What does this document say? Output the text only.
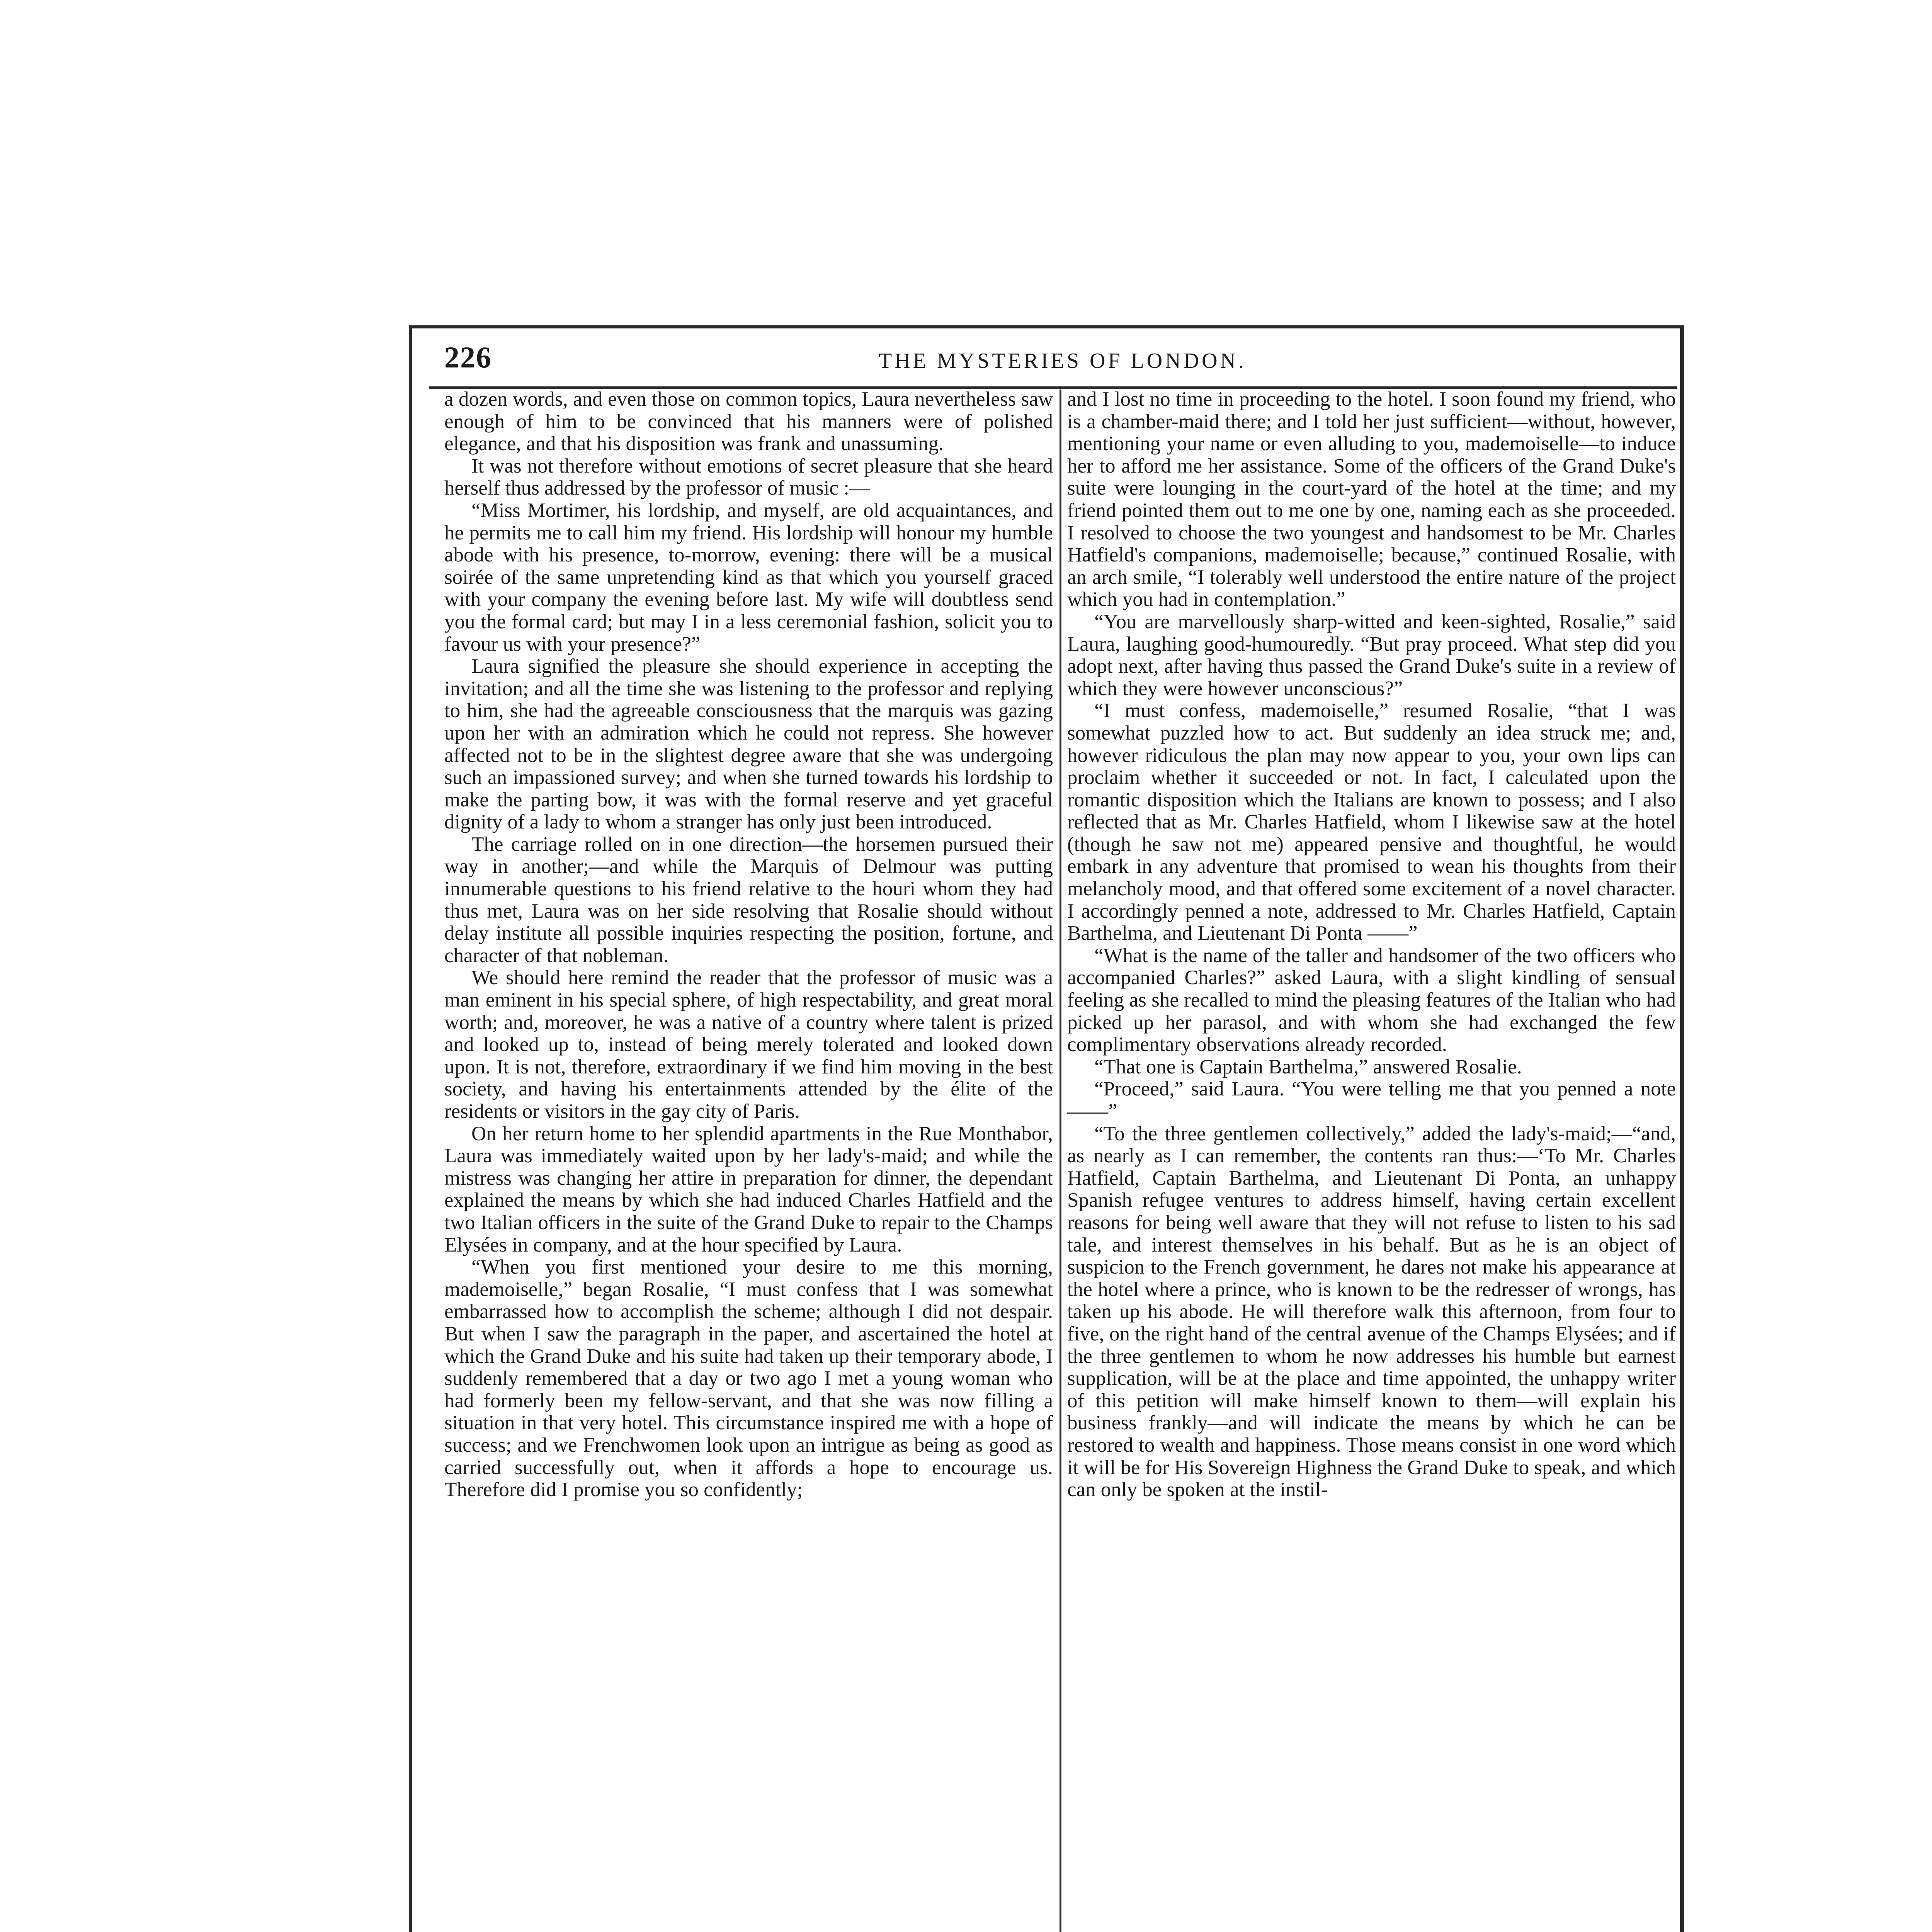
226	THE MYSTERIES OF LONDON.

a dozen words, and even those on common topics, Laura nevertheless saw enough of him to be convinced that his manners were of polished elegance, and that his disposition was frank and unassuming.

It was not therefore without emotions of secret pleasure that she heard herself thus addressed by the professor of music :—

“Miss Mortimer, his lordship, and myself, are old acquaintances, and he permits me to call him my friend. His lordship will honour my humble abode with his presence, to-morrow, evening: there will be a musical soirée of the same unpretending kind as that which you yourself graced with your company the evening before last. My wife will doubtless send you the formal card; but may I in a less ceremonial fashion, solicit you to favour us with your presence?”

Laura signified the pleasure she should experience in accepting the invitation; and all the time she was listening to the professor and replying to him, she had the agreeable consciousness that the marquis was gazing upon her with an admiration which he could not repress. She however affected not to be in the slightest degree aware that she was undergoing such an impassioned survey; and when she turned towards his lordship to make the parting bow, it was with the formal reserve and yet graceful dignity of a lady to whom a stranger has only just been introduced.

The carriage rolled on in one direction—the horsemen pursued their way in another;—and while the Marquis of Delmour was putting innumerable questions to his friend relative to the houri whom they had thus met, Laura was on her side resolving that Rosalie should without delay institute all possible inquiries respecting the position, fortune, and character of that nobleman.

We should here remind the reader that the professor of music was a man eminent in his special sphere, of high respectability, and great moral worth; and, moreover, he was a native of a country where talent is prized and looked up to, instead of being merely tolerated and looked down upon. It is not, therefore, extraordinary if we find him moving in the best society, and having his entertainments attended by the élite of the residents or visitors in the gay city of Paris.

On her return home to her splendid apartments in the Rue Monthabor, Laura was immediately waited upon by her lady's-maid; and while the mistress was changing her attire in preparation for dinner, the dependant explained the means by which she had induced Charles Hatfield and the two Italian officers in the suite of the Grand Duke to repair to the Champs Elysées in company, and at the hour specified by Laura.

“When you first mentioned your desire to me this morning, mademoiselle,” began Rosalie, “I must confess that I was somewhat embarrassed how to accomplish the scheme; although I did not despair. But when I saw the paragraph in the paper, and ascertained the hotel at which the Grand Duke and his suite had taken up their temporary abode, I suddenly remembered that a day or two ago I met a young woman who had formerly been my fellow-servant, and that she was now filling a situation in that very hotel. This circumstance inspired me with a hope of success; and we Frenchwomen look upon an intrigue as being as good as carried successfully out, when it affords a hope to encourage us. Therefore did I promise you so confidently;

and I lost no time in proceeding to the hotel. I soon found my friend, who is a chamber-maid there; and I told her just sufficient—without, however, mentioning your name or even alluding to you, mademoiselle—to induce her to afford me her assistance. Some of the officers of the Grand Duke's suite were lounging in the court-yard of the hotel at the time; and my friend pointed them out to me one by one, naming each as she proceeded. I resolved to choose the two youngest and handsomest to be Mr. Charles Hatfield's companions, mademoiselle; because,” continued Rosalie, with an arch smile, “I tolerably well understood the entire nature of the project which you had in contemplation.”

“You are marvellously sharp-witted and keen-sighted, Rosalie,” said Laura, laughing good-humouredly. “But pray proceed. What step did you adopt next, after having thus passed the Grand Duke's suite in a review of which they were however unconscious?”

“I must confess, mademoiselle,” resumed Rosalie, “that I was somewhat puzzled how to act. But suddenly an idea struck me; and, however ridiculous the plan may now appear to you, your own lips can proclaim whether it succeeded or not. In fact, I calculated upon the romantic disposition which the Italians are known to possess; and I also reflected that as Mr. Charles Hatfield, whom I likewise saw at the hotel (though he saw not me) appeared pensive and thoughtful, he would embark in any adventure that promised to wean his thoughts from their melancholy mood, and that offered some excitement of a novel character. I accordingly penned a note, addressed to Mr. Charles Hatfield, Captain Barthelma, and Lieutenant Di Ponta ——”

“What is the name of the taller and handsomer of the two officers who accompanied Charles?” asked Laura, with a slight kindling of sensual feeling as she recalled to mind the pleasing features of the Italian who had picked up her parasol, and with whom she had exchanged the few complimentary observations already recorded.

“That one is Captain Barthelma,” answered Rosalie.

“Proceed,” said Laura. “You were telling me that you penned a note ——”

“To the three gentlemen collectively,” added the lady's-maid;—“and, as nearly as I can remember, the contents ran thus:—‘To Mr. Charles Hatfield, Captain Barthelma, and Lieutenant Di Ponta, an unhappy Spanish refugee ventures to address himself, having certain excellent reasons for being well aware that they will not refuse to listen to his sad tale, and interest themselves in his behalf. But as he is an object of suspicion to the French government, he dares not make his appearance at the hotel where a prince, who is known to be the redresser of wrongs, has taken up his abode. He will therefore walk this afternoon, from four to five, on the right hand of the central avenue of the Champs Elysées; and if the three gentlemen to whom he now addresses his humble but earnest supplication, will be at the place and time appointed, the unhappy writer of this petition will make himself known to them—will explain his business frankly—and will indicate the means by which he can be restored to wealth and happiness. Those means consist in one word which it will be for His Sovereign Highness the Grand Duke to speak, and which can only be spoken at the instil-
